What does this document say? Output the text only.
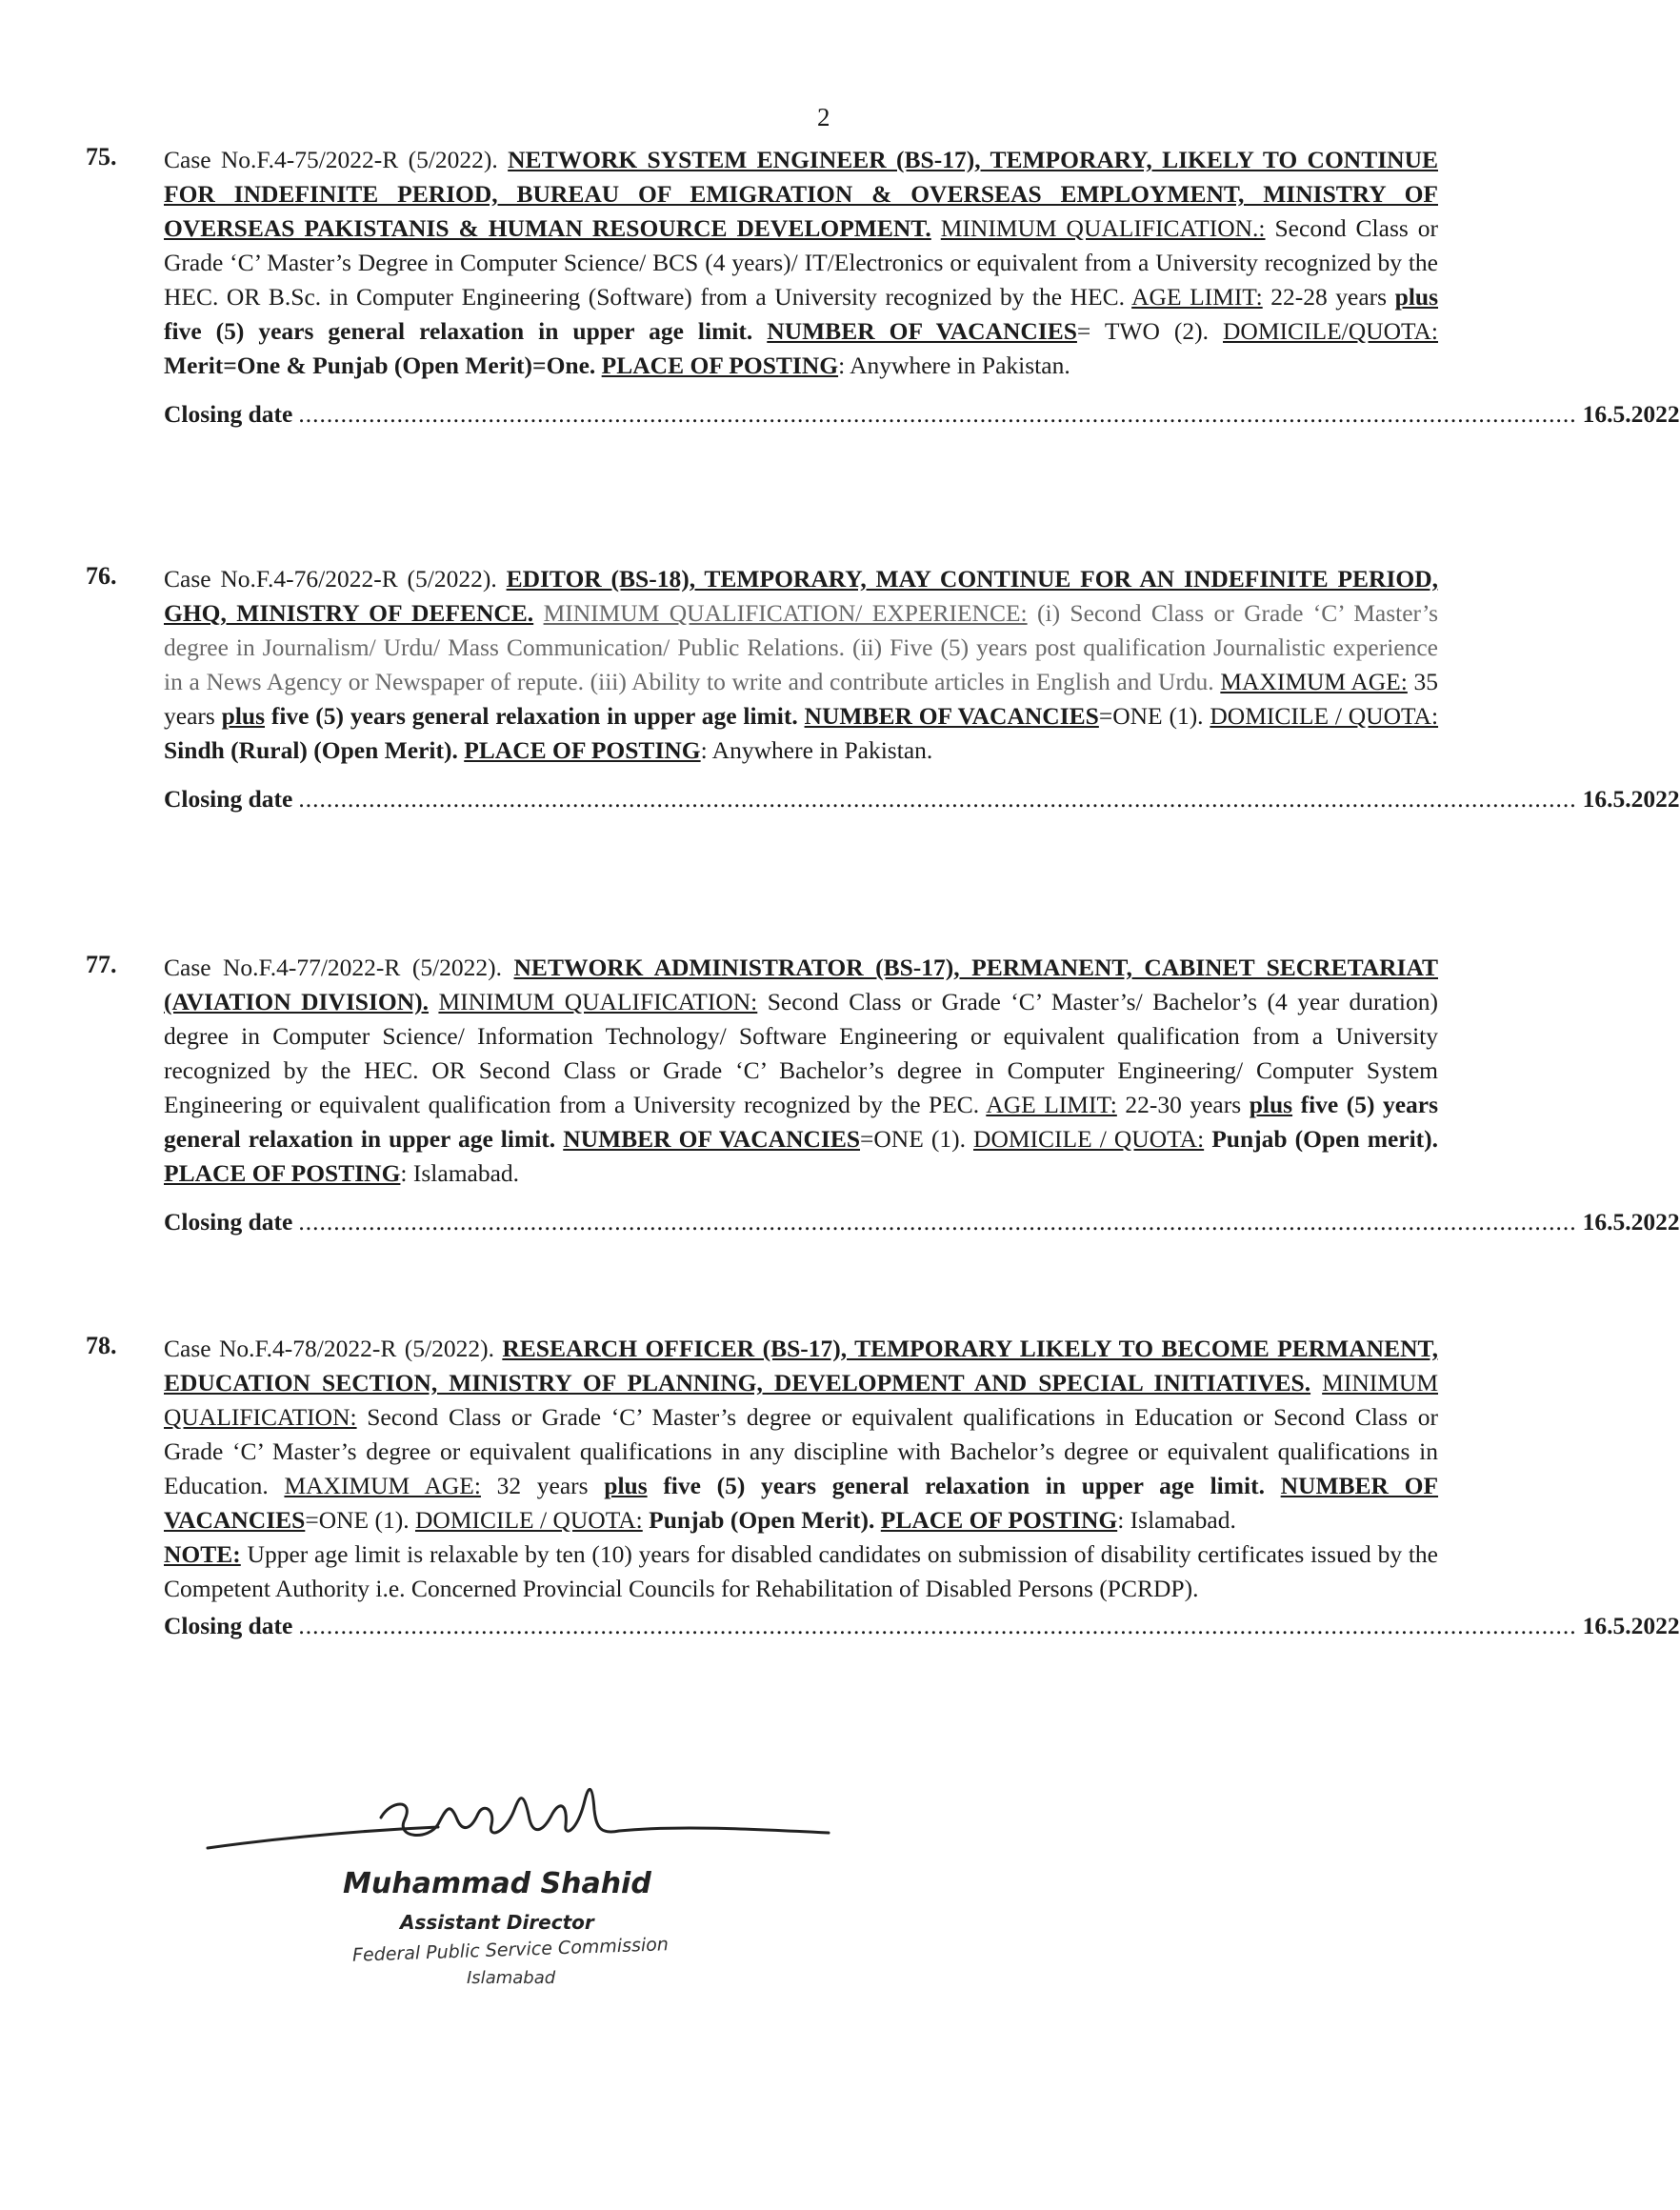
2
75.	Case No.F.4-75/2022-R (5/2022). NETWORK SYSTEM ENGINEER (BS-17), TEMPORARY, LIKELY TO CONTINUE FOR INDEFINITE PERIOD, BUREAU OF EMIGRATION & OVERSEAS EMPLOYMENT, MINISTRY OF OVERSEAS PAKISTANIS & HUMAN RESOURCE DEVELOPMENT. MINIMUM QUALIFICATION.: Second Class or Grade ‘C’ Master’s Degree in Computer Science/ BCS (4 years)/ IT/Electronics or equivalent from a University recognized by the HEC. OR B.Sc. in Computer Engineering (Software) from a University recognized by the HEC. AGE LIMIT: 22-28 years plus five (5) years general relaxation in upper age limit. NUMBER OF VACANCIES= TWO (2). DOMICILE/QUOTA: Merit=One & Punjab (Open Merit)=One. PLACE OF POSTING: Anywhere in Pakistan.
Closing date ...................................................................................................................................................................................... 16.5.2022
76.	Case No.F.4-76/2022-R (5/2022). EDITOR (BS-18), TEMPORARY, MAY CONTINUE FOR AN INDEFINITE PERIOD, GHQ, MINISTRY OF DEFENCE. MINIMUM QUALIFICATION/ EXPERIENCE: (i) Second Class or Grade ‘C’ Master’s degree in Journalism/ Urdu/ Mass Communication/ Public Relations. (ii) Five (5) years post qualification Journalistic experience in a News Agency or Newspaper of repute. (iii) Ability to write and contribute articles in English and Urdu. MAXIMUM AGE: 35 years plus five (5) years general relaxation in upper age limit. NUMBER OF VACANCIES=ONE (1). DOMICILE / QUOTA: Sindh (Rural) (Open Merit). PLACE OF POSTING: Anywhere in Pakistan.
Closing date ...................................................................................................................................................................................... 16.5.2022
77.	Case No.F.4-77/2022-R (5/2022). NETWORK ADMINISTRATOR (BS-17), PERMANENT, CABINET SECRETARIAT (AVIATION DIVISION). MINIMUM QUALIFICATION: Second Class or Grade ‘C’ Master’s/ Bachelor’s (4 year duration) degree in Computer Science/ Information Technology/ Software Engineering or equivalent qualification from a University recognized by the HEC. OR Second Class or Grade ‘C’ Bachelor’s degree in Computer Engineering/ Computer System Engineering or equivalent qualification from a University recognized by the PEC. AGE LIMIT: 22-30 years plus five (5) years general relaxation in upper age limit. NUMBER OF VACANCIES=ONE (1). DOMICILE / QUOTA: Punjab (Open merit). PLACE OF POSTING: Islamabad.
Closing date ...................................................................................................................................................................................... 16.5.2022
78.	Case No.F.4-78/2022-R (5/2022). RESEARCH OFFICER (BS-17), TEMPORARY LIKELY TO BECOME PERMANENT, EDUCATION SECTION, MINISTRY OF PLANNING, DEVELOPMENT AND SPECIAL INITIATIVES. MINIMUM QUALIFICATION: Second Class or Grade ‘C’ Master’s degree or equivalent qualifications in Education or Second Class or Grade ‘C’ Master’s degree or equivalent qualifications in any discipline with Bachelor’s degree or equivalent qualifications in Education. MAXIMUM AGE: 32 years plus five (5) years general relaxation in upper age limit. NUMBER OF VACANCIES=ONE (1). DOMICILE / QUOTA: Punjab (Open Merit). PLACE OF POSTING: Islamabad.
NOTE: Upper age limit is relaxable by ten (10) years for disabled candidates on submission of disability certificates issued by the Competent Authority i.e. Concerned Provincial Councils for Rehabilitation of Disabled Persons (PCRDP).
Closing date ...................................................................................................................................................................................... 16.5.2022
Muhammad Shahid
Assistant Director
Federal Public Service Commission
Islamabad
